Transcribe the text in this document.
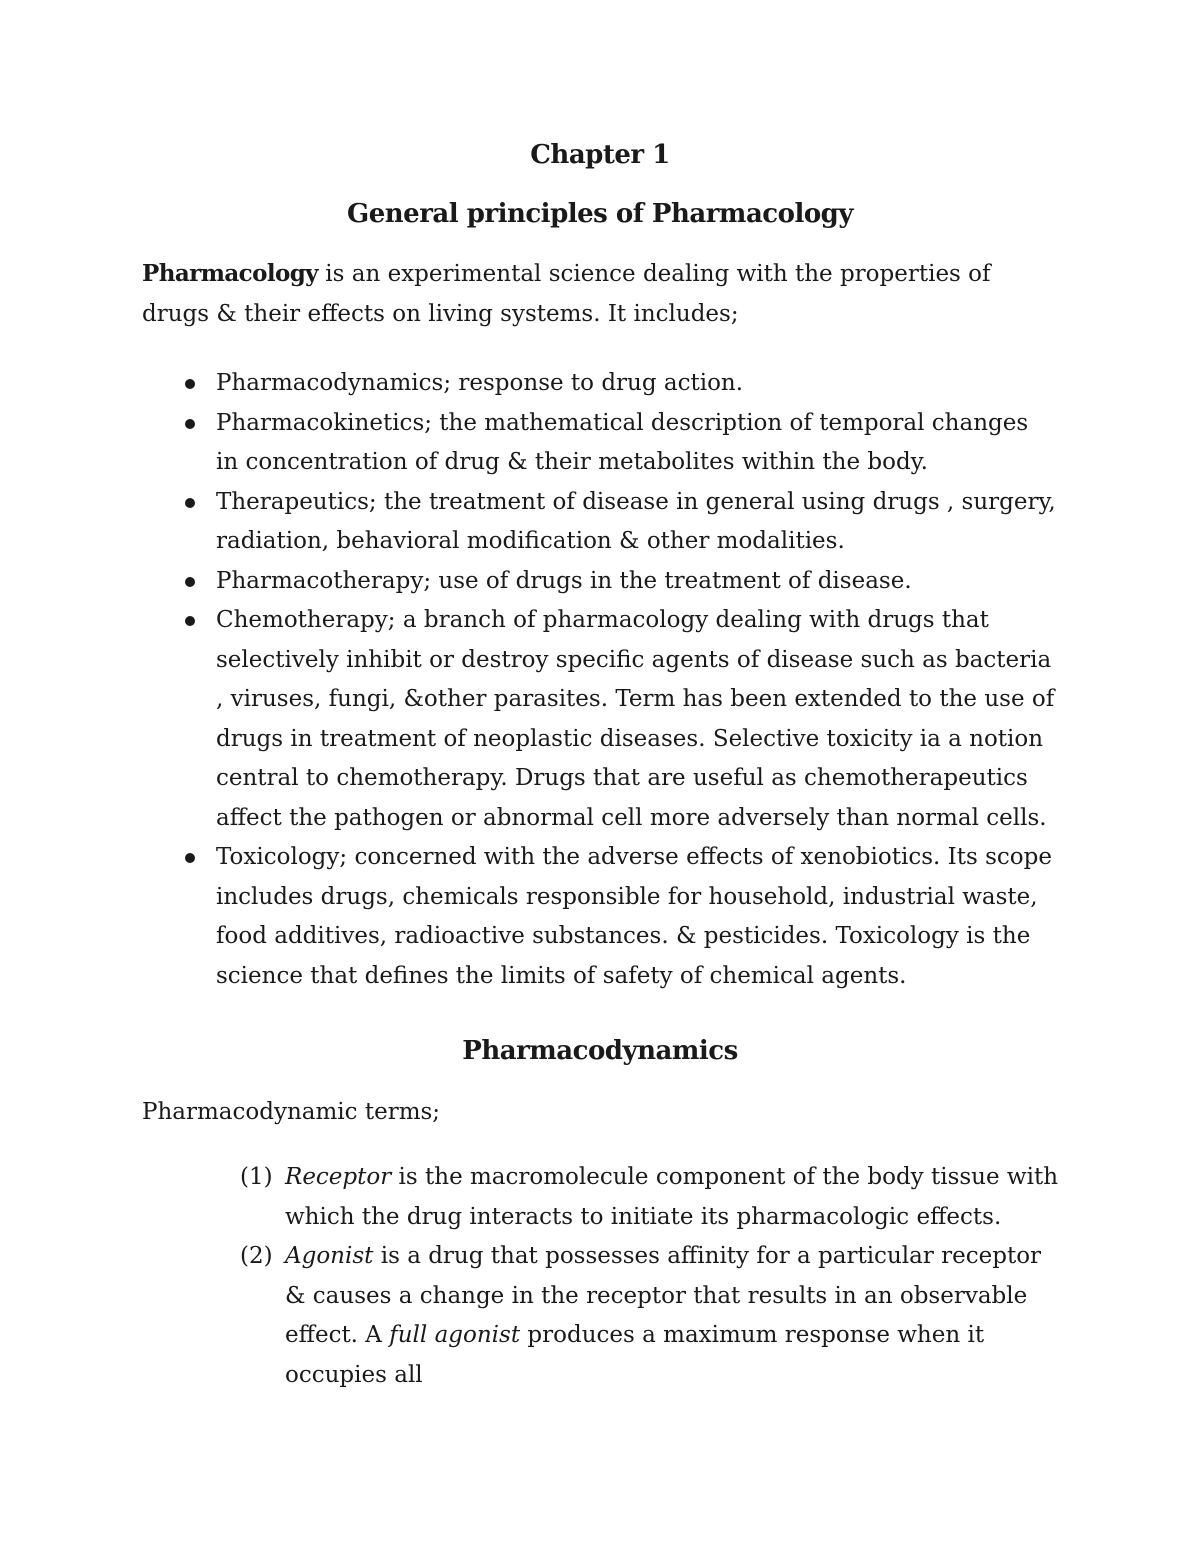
Chapter 1
General principles of Pharmacology

Pharmacology is an experimental science dealing with the properties of drugs & their effects on living systems. It includes;

Pharmacodynamics; response to drug action.
Pharmacokinetics; the mathematical description of temporal changes in concentration of drug & their metabolites within the body.
Therapeutics; the treatment of disease in general using drugs , surgery, radiation, behavioral modification & other modalities.
Pharmacotherapy; use of drugs in the treatment of disease.
Chemotherapy; a branch of pharmacology dealing with drugs that selectively inhibit or destroy specific agents of disease such as bacteria , viruses, fungi, &other parasites. Term has been extended to the use of drugs in treatment of neoplastic diseases. Selective toxicity ia a notion central to chemotherapy. Drugs that are useful as chemotherapeutics affect the pathogen or abnormal cell more adversely than normal cells.
Toxicology; concerned with the adverse effects of xenobiotics. Its scope includes drugs, chemicals responsible for household, industrial waste, food additives, radioactive substances. & pesticides. Toxicology is the science that defines the limits of safety of chemical agents.
Pharmacodynamics

Pharmacodynamic terms;

(1) Receptor is the macromolecule component of the body tissue with which the drug interacts to initiate its pharmacologic effects.
(2) Agonist is a drug that possesses affinity for a particular receptor & causes a change in the receptor that results in an observable effect. A full agonist produces a maximum response when it occupies all
